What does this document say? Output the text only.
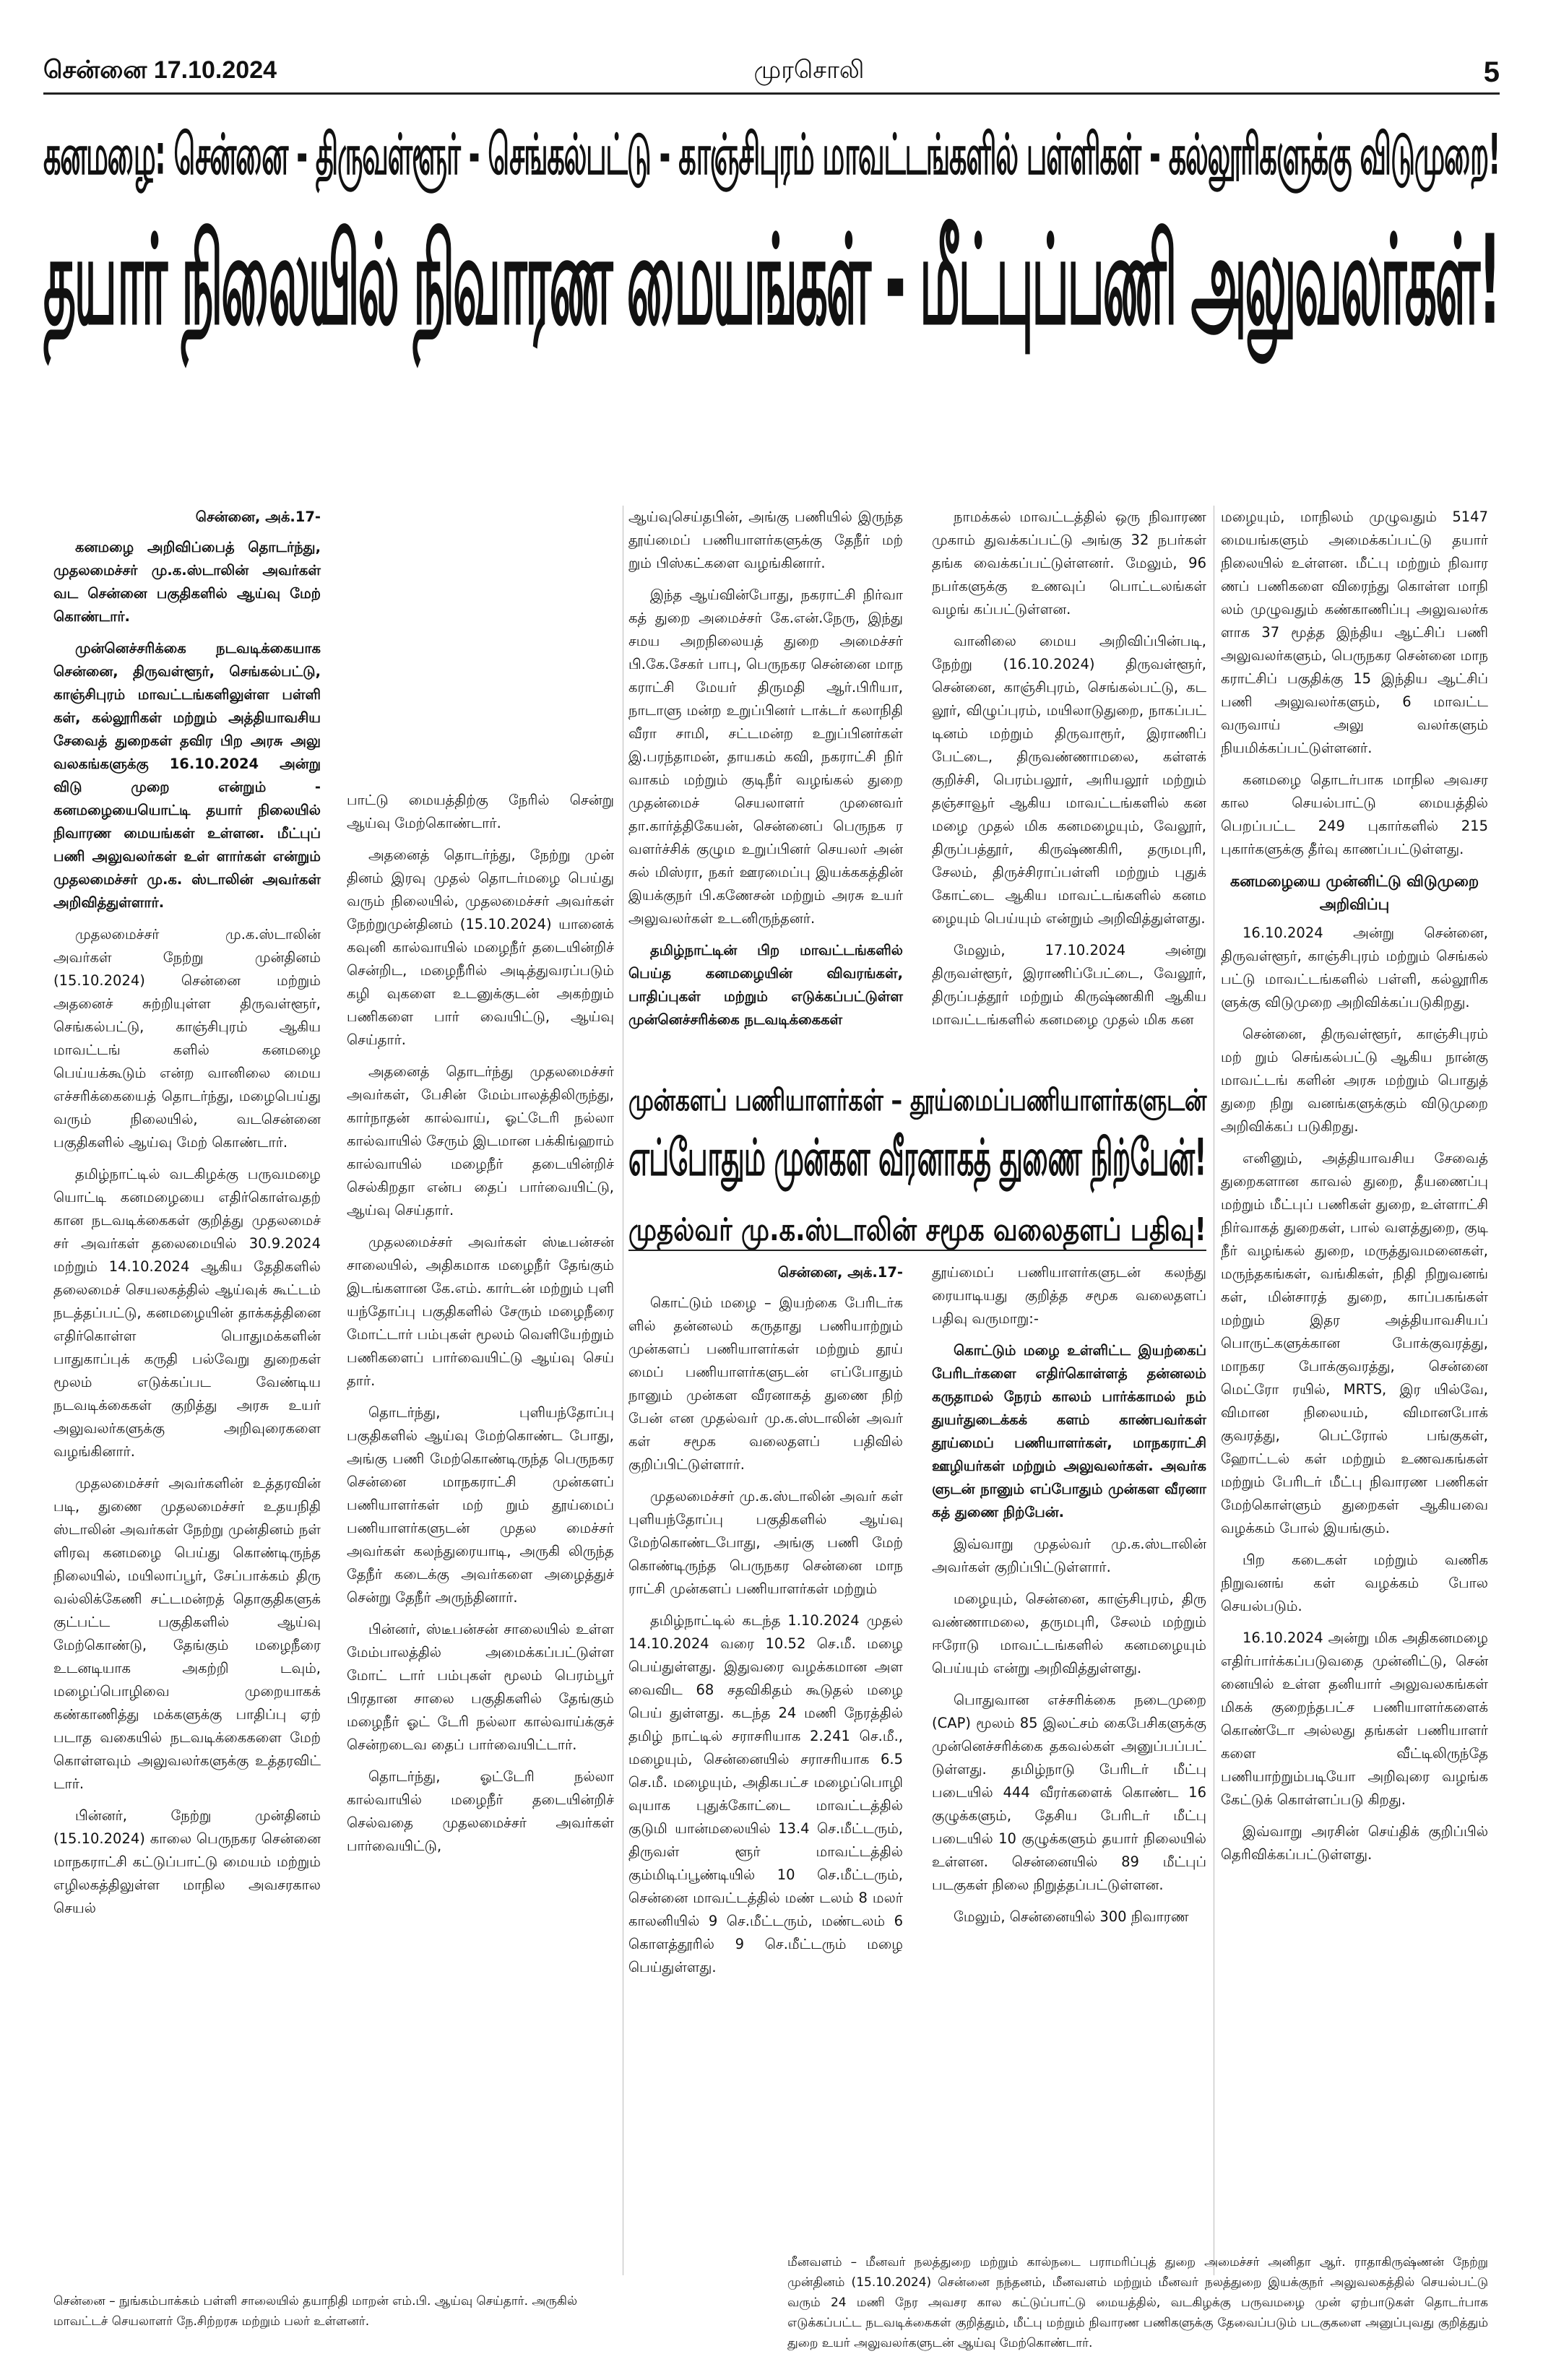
சென்னை 17.10.2024	முரசொலி	5
கனமழை: சென்னை - திருவள்ளூர் - செங்கல்பட்டு - காஞ்சிபுரம் மாவட்டங்களில் பள்ளிகள் - கல்லூரிகளுக்கு விடுமுறை!
தயார் நிலையில் நிவாரண மையங்கள் - மீட்புப்பணி அலுவலர்கள்!
சென்னை, அக்.17-

கனமழை அறிவிப்பைத் தொடர்ந்து, முதலமைச்சர் மு.க.ஸ்டாலின் அவர்கள் வட சென்னை பகுதிகளில் ஆய்வு மேற் கொண்டார்.

முன்னெச்சரிக்கை நடவடிக்கையாக சென்னை, திருவள்ளூர், செங்கல்பட்டு, காஞ்சிபுரம் மாவட்டங்களிலுள்ள பள்ளி கள், கல்லூரிகள் மற்றும் அத்தியாவசிய சேவைத் துறைகள் தவிர பிற அரசு அலு வலகங்களுக்கு 16.10.2024 அன்று விடு முறை என்றும் - கனமழையையொட்டி தயார் நிலையில் நிவாரண மையங்கள் உள்ளன. மீட்புப் பணி அலுவலர்கள் உள் ளார்கள் என்றும் முதலமைச்சர் மு.க. ஸ்டாலின் அவர்கள் அறிவித்துள்ளார்.

முதலமைச்சர் மு.க.ஸ்டாலின் அவர்கள் நேற்று முன்தினம் (15.10.2024) சென்னை மற்றும் அதனைச் சுற்றியுள்ள திருவள்ளூர், செங்கல்பட்டு, காஞ்சிபுரம் ஆகிய மாவட்டங் களில் கனமழை பெய்யக்கூடும் என்ற வானிலை மைய எச்சரிக்கையைத் தொடர்ந்து, மழைபெய்து வரும் நிலையில், வடசென்னை பகுதிகளில் ஆய்வு மேற் கொண்டார்.

தமிழ்நாட்டில் வடகிழக்கு பருவமழை யொட்டி கனமழையை எதிர்கொள்வதற் கான நடவடிக்கைகள் குறித்து முதலமைச் சர் அவர்கள் தலைமையில் 30.9.2024 மற்றும் 14.10.2024 ஆகிய தேதிகளில் தலைமைச் செயலகத்தில் ஆய்வுக் கூட்டம் நடத்தப்பட்டு, கனமழையின் தாக்கத்தினை எதிர்கொள்ள பொதுமக்களின் பாதுகாப்புக் கருதி பல்வேறு துறைகள் மூலம் எடுக்கப்பட வேண்டிய நடவடிக்கைகள் குறித்து அரசு உயர் அலுவலர்களுக்கு அறிவுரைகளை வழங்கினார்.

முதலமைச்சர் அவர்களின் உத்தரவின் படி, துணை முதலமைச்சர் உதயநிதி ஸ்டாலின் அவர்கள் நேற்று முன்தினம் நள் ளிரவு கனமழை பெய்து கொண்டிருந்த நிலையில், மயிலாப்பூர், சேப்பாக்கம் திரு வல்லிக்கேணி சட்டமன்றத் தொகுதிகளுக் குட்பட்ட பகுதிகளில் ஆய்வு மேற்கொண்டு, தேங்கும் மழைநீரை உடனடியாக அகற்றி டவும், மழைப்பொழிவை முறையாகக் கண்காணித்து மக்களுக்கு பாதிப்பு ஏற் படாத வகையில் நடவடிக்கைகளை மேற் கொள்ளவும் அலுவலர்களுக்கு உத்தரவிட் டார்.

பின்னர், நேற்று முன்தினம் (15.10.2024) காலை பெருநகர சென்னை மாநகராட்சி கட்டுப்பாட்டு மையம் மற்றும் எழிலகத்திலுள்ள மாநில அவசரகால செயல்

பாட்டு மையத்திற்கு நேரில் சென்று ஆய்வு மேற்கொண்டார்.

அதனைத் தொடர்ந்து, நேற்று முன் தினம் இரவு முதல் தொடர்மழை பெய்து வரும் நிலையில், முதலமைச்சர் அவர்கள் நேற்றுமுன்தினம் (15.10.2024) யானைக் கவுனி கால்வாயில் மழைநீர் தடையின்றிச் சென்றிட, மழைநீரில் அடித்துவரப்படும் கழி வுகளை உடனுக்குடன் அகற்றும் பணிகளை பார் வையிட்டு, ஆய்வு செய்தார்.

அதனைத் தொடர்ந்து முதலமைச்சர் அவர்கள், பேசின் மேம்பாலத்திலிருந்து, கார்நாதன் கால்வாய், ஓட்டேரி நல்லா கால்வாயில் சேரும் இடமான பக்கிங்ஹாம் கால்வாயில் மழைநீர் தடையின்றிச் செல்கிறதா என்ப தைப் பார்வையிட்டு, ஆய்வு செய்தார்.

முதலமைச்சர் அவர்கள் ஸ்டீபன்சன் சாலையில், அதிகமாக மழைநீர் தேங்கும் இடங்களான கே.எம். கார்டன் மற்றும் புளி யந்தோப்பு பகுதிகளில் சேரும் மழைநீரை மோட்டார் பம்புகள் மூலம் வெளியேற்றும் பணிகளைப் பார்வையிட்டு ஆய்வு செய் தார்.

தொடர்ந்து, புளியந்தோப்பு பகுதிகளில் ஆய்வு மேற்கொண்ட போது, அங்கு பணி மேற்கொண்டிருந்த பெருநகர சென்னை மாநகராட்சி முன்களப் பணியாளர்கள் மற் றும் தூய்மைப் பணியாளர்களுடன் முதல மைச்சர் அவர்கள் கலந்துரையாடி, அருகி லிருந்த தேநீர் கடைக்கு அவர்களை அழைத்துச் சென்று தேநீர் அருந்தினார்.

பின்னர், ஸ்டீபன்சன் சாலையில் உள்ள மேம்பாலத்தில் அமைக்கப்பட்டுள்ள மோட் டார் பம்புகள் மூலம் பெரம்பூர் பிரதான சாலை பகுதிகளில் தேங்கும் மழைநீர் ஓட் டேரி நல்லா கால்வாய்க்குச் சென்றடைவ தைப் பார்வையிட்டார்.

தொடர்ந்து, ஓட்டேரி நல்லா கால்வாயில் மழைநீர் தடையின்றிச் செல்வதை முதலமைச்சர் அவர்கள் பார்வையிட்டு,

ஆய்வுசெய்தபின், அங்கு பணியில் இருந்த தூய்மைப் பணியாளர்களுக்கு தேநீர் மற் றும் பிஸ்கட்களை வழங்கினார்.

இந்த ஆய்வின்போது, நகராட்சி நிர்வா கத் துறை அமைச்சர் கே.என்.நேரு, இந்து சமய அறநிலையத் துறை அமைச்சர் பி.கே.சேகர் பாபு, பெருநகர சென்னை மாந கராட்சி மேயர் திருமதி ஆர்.பிரியா, நாடாளு மன்ற உறுப்பினர் டாக்டர் கலாநிதி வீரா சாமி, சட்டமன்ற உறுப்பினர்கள் இ.பரந்தாமன், தாயகம் கவி, நகராட்சி நிர் வாகம் மற்றும் குடிநீர் வழங்கல் துறை முதன்மைச் செயலாளர் முனைவர் தா.கார்த்திகேயன், சென்னைப் பெருநக ர வளர்ச்சிக் குழும உறுப்பினர் செயலர் அன் சுல் மிஸ்ரா, நகர் ஊரமைப்பு இயக்ககத்தின் இயக்குநர் பி.கணேசன் மற்றும் அரசு உயர் அலுவலர்கள் உடனிருந்தனர்.

தமிழ்நாட்டின் பிற மாவட்டங்களில் பெய்த கனமழையின் விவரங்கள், பாதிப்புகள் மற்றும் எடுக்கப்பட்டுள்ள முன்னெச்சரிக்கை நடவடிக்கைகள்

நாமக்கல் மாவட்டத்தில் ஒரு நிவாரண முகாம் துவக்கப்பட்டு அங்கு 32 நபர்கள் தங்க வைக்கப்பட்டுள்ளனர். மேலும், 96 நபர்களுக்கு உணவுப் பொட்டலங்கள் வழங் கப்பட்டுள்ளன.

வானிலை மைய அறிவிப்பின்படி, நேற்று (16.10.2024) திருவள்ளூர், சென்னை, காஞ்சிபுரம், செங்கல்பட்டு, கட லூர், விழுப்புரம், மயிலாடுதுறை, நாகப்பட் டினம் மற்றும் திருவாரூர், இராணிப் பேட்டை, திருவண்ணாமலை, கள்ளக் குறிச்சி, பெரம்பலூர், அரியலூர் மற்றும் தஞ்சாவூர் ஆகிய மாவட்டங்களில் கன மழை முதல் மிக கனமழையும், வேலூர், திருப்பத்தூர், கிருஷ்ணகிரி, தருமபுரி, சேலம், திருச்சிராப்பள்ளி மற்றும் புதுக் கோட்டை ஆகிய மாவட்டங்களில் கனம ழையும் பெய்யும் என்றும் அறிவித்துள்ளது.

மேலும், 17.10.2024 அன்று திருவள்ளூர், இராணிப்பேட்டை, வேலூர், திருப்பத்தூர் மற்றும் கிருஷ்ணகிரி ஆகிய மாவட்டங்களில் கனமழை முதல் மிக கன

மழையும், மாநிலம் முழுவதும் 5147 மையங்களும் அமைக்கப்பட்டு தயார் நிலையில் உள்ளன. மீட்பு மற்றும் நிவார ணப் பணிகளை விரைந்து கொள்ள மாநி லம் முழுவதும் கண்காணிப்பு அலுவலர்க ளாக 37 மூத்த இந்திய ஆட்சிப் பணி அலுவலர்களும், பெருநகர சென்னை மாந கராட்சிப் பகுதிக்கு 15 இந்திய ஆட்சிப் பணி அலுவலர்களும், 6 மாவட்ட வருவாய் அலு வலர்களும் நியமிக்கப்பட்டுள்ளனர்.

கனமழை தொடர்பாக மாநில அவசர கால செயல்பாட்டு மையத்தில் பெறப்பட்ட 249 புகார்களில் 215 புகார்களுக்கு தீர்வு காணப்பட்டுள்ளது.

கனமழையை முன்னிட்டு விடுமுறை அறிவிப்பு

16.10.2024 அன்று சென்னை, திருவள்ளூர், காஞ்சிபுரம் மற்றும் செங்கல் பட்டு மாவட்டங்களில் பள்ளி, கல்லூரிக ளுக்கு விடுமுறை அறிவிக்கப்படுகிறது.

சென்னை, திருவள்ளூர், காஞ்சிபுரம் மற் றும் செங்கல்பட்டு ஆகிய நான்கு மாவட்டங் களின் அரசு மற்றும் பொதுத் துறை நிறு வனங்களுக்கும் விடுமுறை அறிவிக்கப் படுகிறது.

எனினும், அத்தியாவசிய சேவைத் துறைகளான காவல் துறை, தீயணைப்பு மற்றும் மீட்புப் பணிகள் துறை, உள்ளாட்சி நிர்வாகத் துறைகள், பால் வளத்துறை, குடி நீர் வழங்கல் துறை, மருத்துவமனைகள், மருந்தகங்கள், வங்கிகள், நிதி நிறுவனங் கள், மின்சாரத் துறை, காப்பகங்கள் மற்றும் இதர அத்தியாவசியப் பொருட்களுக்கான போக்குவரத்து, மாநகர போக்குவரத்து, சென்னை மெட்ரோ ரயில், MRTS, இர யில்வே, விமான நிலையம், விமானபோக் குவரத்து, பெட்ரோல் பங்குகள், ஹோட்டல் கள் மற்றும் உணவகங்கள் மற்றும் பேரிடர் மீட்பு நிவாரண பணிகள் மேற்கொள்ளும் துறைகள் ஆகியவை வழக்கம் போல் இயங்கும்.

பிற கடைகள் மற்றும் வணிக நிறுவனங் கள் வழக்கம் போல செயல்படும்.

16.10.2024 அன்று மிக அதிகனமழை எதிர்பார்க்கப்படுவதை முன்னிட்டு, சென் னையில் உள்ள தனியார் அலுவலகங்கள் மிகக் குறைந்தபட்ச பணியாளர்களைக் கொண்டோ அல்லது தங்கள் பணியாளர் களை வீட்டிலிருந்தே பணியாற்றும்படியோ அறிவுரை வழங்க கேட்டுக் கொள்ளப்படு கிறது.

இவ்வாறு அரசின் செய்திக் குறிப்பில் தெரிவிக்கப்பட்டுள்ளது.

முன்களப் பணியாளர்கள் – தூய்மைப்பணியாளர்களுடன்
எப்போதும் முன்கள வீரனாகத் துணை நிற்பேன்!
முதல்வர் மு.க.ஸ்டாலின் சமூக வலைதளப் பதிவு!
சென்னை, அக்.17-

கொட்டும் மழை – இயற்கை பேரிடர்க ளில் தன்னலம் கருதாது பணியாற்றும் முன்களப் பணியாளர்கள் மற்றும் தூய் மைப் பணியாளர்களுடன் எப்போதும் நானும் முன்கள வீரனாகத் துணை நிற் பேன் என முதல்வர் மு.க.ஸ்டாலின் அவர் கள் சமூக வலைதளப் பதிவில் குறிப்பிட்டுள்ளார்.

முதலமைச்சர் மு.க.ஸ்டாலின் அவர் கள் புளியந்தோப்பு பகுதிகளில் ஆய்வு மேற்கொண்டபோது, அங்கு பணி மேற் கொண்டிருந்த பெருநகர சென்னை மாந ராட்சி முன்களப் பணியாளர்கள் மற்றும்

தமிழ்நாட்டில் கடந்த 1.10.2024 முதல் 14.10.2024 வரை 10.52 செ.மீ. மழை பெய்துள்ளது. இதுவரை வழக்கமான அள வைவிட 68 சதவிகிதம் கூடுதல் மழை பெய் துள்ளது. கடந்த 24 மணி நேரத்தில் தமிழ் நாட்டில் சராசரியாக 2.241 செ.மீ., மழையும், சென்னையில் சராசரியாக 6.5 செ.மீ. மழையும், அதிகபட்ச மழைப்பொழி வுயாக புதுக்கோட்டை மாவட்டத்தில் குடுமி யான்மலையில் 13.4 செ.மீட்டரும், திருவள் ளூர் மாவட்டத்தில் கும்மிடிப்பூண்டியில் 10 செ.மீட்டரும், சென்னை மாவட்டத்தில் மண் டலம் 8 மலர் காலனியில் 9 செ.மீட்டரும், மண்டலம் 6 கொளத்தூரில் 9 செ.மீட்டரும் மழை பெய்துள்ளது.

தூய்மைப் பணியாளர்களுடன் கலந்து ரையாடியது குறித்த சமூக வலைதளப் பதிவு வருமாறு:-

கொட்டும் மழை உள்ளிட்ட இயற்கைப் பேரிடர்களை எதிர்கொள்ளத் தன்னலம் கருதாமல் நேரம் காலம் பார்க்காமல் நம் துயர்துடைக்கக் களம் காண்பவர்கள் தூய்மைப் பணியாளர்கள், மாநகராட்சி ஊழியர்கள் மற்றும் அலுவலர்கள். அவர்க ளுடன் நானும் எப்போதும் முன்கள வீரனா கத் துணை நிற்பேன்.

இவ்வாறு முதல்வர் மு.க.ஸ்டாலின் அவர்கள் குறிப்பிட்டுள்ளார்.

மழையும், சென்னை, காஞ்சிபுரம், திரு வண்ணாமலை, தருமபுரி, சேலம் மற்றும் ஈரோடு மாவட்டங்களில் கனமழையும் பெய்யும் என்று அறிவித்துள்ளது.

பொதுவான எச்சரிக்கை நடைமுறை (CAP) மூலம் 85 இலட்சம் கைபேசிகளுக்கு முன்னெச்சரிக்கை தகவல்கள் அனுப்பப்பட் டுள்ளது. தமிழ்நாடு பேரிடர் மீட்பு படையில் 444 வீரர்களைக் கொண்ட 16 குழுக்களும், தேசிய பேரிடர் மீட்பு படையில் 10 குழுக்களும் தயார் நிலையில் உள்ளன. சென்னையில் 89 மீட்புப் படகுகள் நிலை நிறுத்தப்பட்டுள்ளன.

மேலும், சென்னையில் 300 நிவாரண

சென்னை – நுங்கம்பாக்கம் பள்ளி சாலையில் தயாநிதி மாறன் எம்.பி. ஆய்வு செய்தார். அருகில் மாவட்டச் செயலாளர் நே.சிற்றரசு மற்றும் பலர் உள்ளனர்.
மீனவளம் – மீனவர் நலத்துறை மற்றும் கால்நடை பராமரிப்புத் துறை அமைச்சர் அனிதா ஆர். ராதாகிருஷ்ணன் நேற்று முன்தினம் (15.10.2024) சென்னை நந்தனம், மீனவளம் மற்றும் மீனவர் நலத்துறை இயக்குநர் அலுவலகத்தில் செயல்பட்டு வரும் 24 மணி நேர அவசர கால கட்டுப்பாட்டு மையத்தில், வடகிழக்கு பருவமழை முன் ஏற்பாடுகள் தொடர்பாக எடுக்கப்பட்ட நடவடிக்கைகள் குறித்தும், மீட்பு மற்றும் நிவாரண பணிகளுக்கு தேவைப்படும் படகுகளை அனுப்புவது குறித்தும் துறை உயர் அலுவலர்களுடன் ஆய்வு மேற்கொண்டார்.
